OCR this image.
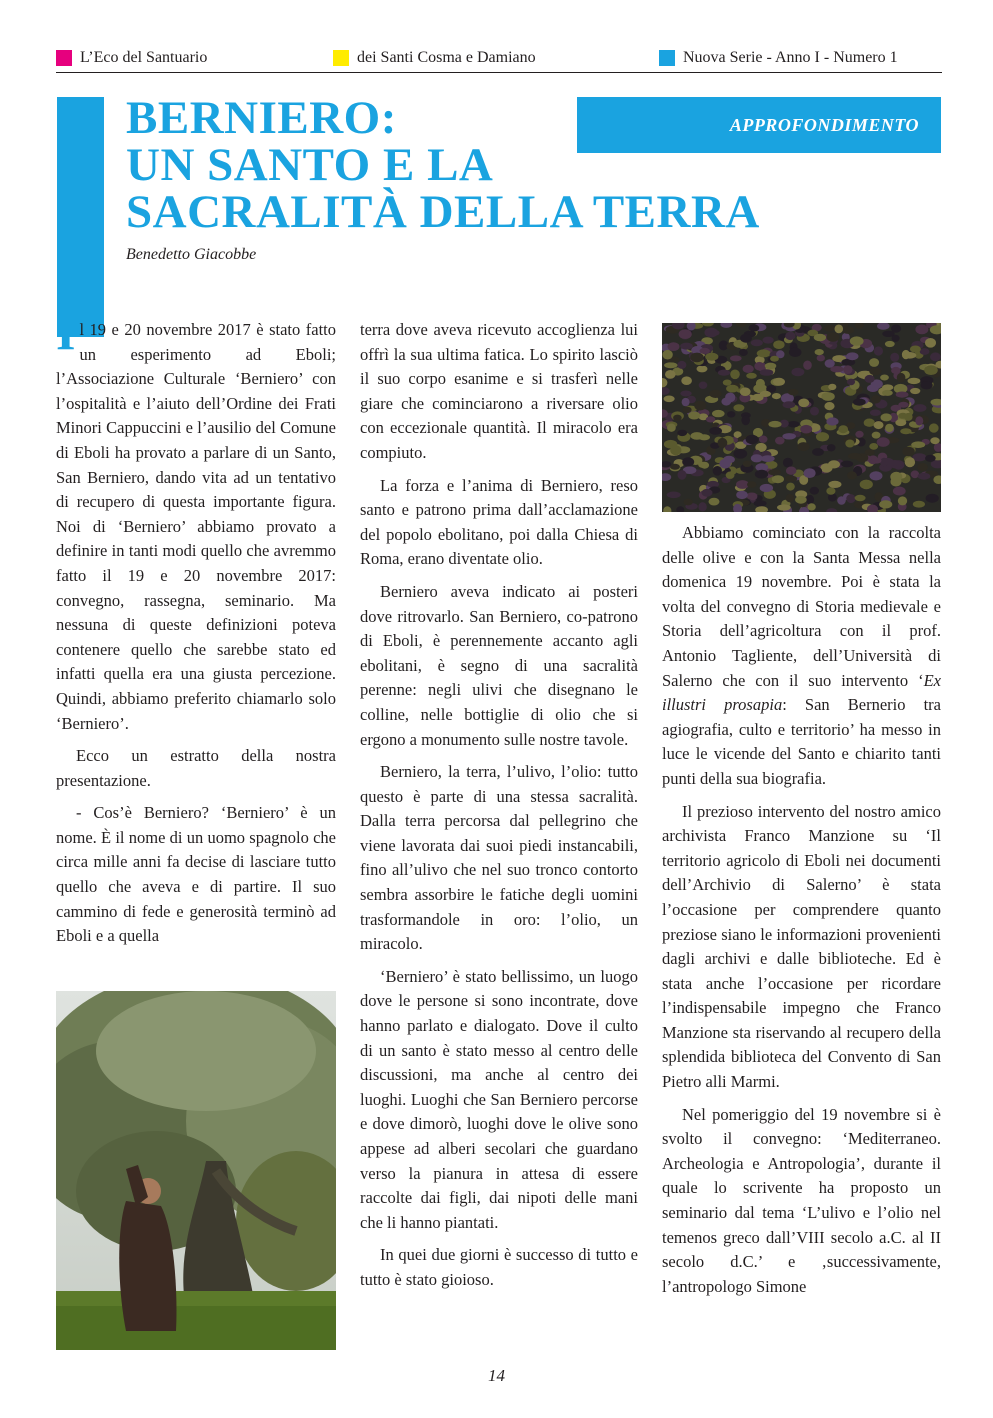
L’Eco del Santuario	dei Santi Cosma e Damiano	Nuova Serie - Anno I - Numero 1
APPROFONDIMENTO
BERNIERO:
UN SANTO E LA
SACRALITÀ DELLA TERRA
Benedetto Giacobbe

Il 19 e 20 novembre 2017 è stato fatto un esperimento ad Eboli; l’Associazione Culturale ‘Berniero’ con l’ospitalità e l’aiuto dell’Ordine dei Frati Minori Cappuccini e l’ausilio del Comune di Eboli ha provato a parlare di un Santo, San Berniero, dando vita ad un tentativo di recupero di questa importante figura. Noi di ‘Berniero’ abbiamo provato a definire in tanti modi quello che avremmo fatto il 19 e 20 novembre 2017: convegno, rassegna, seminario. Ma nessuna di queste definizioni poteva contenere quello che sarebbe stato ed infatti quella era una giusta percezione. Quindi, abbiamo preferito chiamarlo solo ‘Berniero’.

Ecco un estratto della nostra presentazione.

- Cos’è Berniero? ‘Berniero’ è un nome. È il nome di un uomo spagnolo che circa mille anni fa decise di lasciare tutto quello che aveva e di partire. Il suo cammino di fede e generosità terminò ad Eboli e a quella

terra dove aveva ricevuto accoglienza lui offrì la sua ultima fatica. Lo spirito lasciò il suo corpo esanime e si trasferì nelle giare che cominciarono a riversare olio con eccezionale quantità. Il miracolo era compiuto.

La forza e l’anima di Berniero, reso santo e patrono prima dall’acclamazione del popolo ebolitano, poi dalla Chiesa di Roma, erano diventate olio.

Berniero aveva indicato ai posteri dove ritrovarlo. San Berniero, co-patrono di Eboli, è perennemente accanto agli ebolitani, è segno di una sacralità perenne: negli ulivi che disegnano le colline, nelle bottiglie di olio che si ergono a monumento sulle nostre tavole.

Berniero, la terra, l’ulivo, l’olio: tutto questo è parte di una stessa sacralità. Dalla terra percorsa dal pellegrino che viene lavorata dai suoi piedi instancabili, fino all’ulivo che nel suo tronco contorto sembra assorbire le fatiche degli uomini trasformandole in oro: l’olio, un miracolo.

‘Berniero’ è stato bellissimo, un luogo dove le persone si sono incontrate, dove hanno parlato e dialogato. Dove il culto di un santo è stato messo al centro delle discussioni, ma anche al centro dei luoghi. Luoghi che San Berniero percorse e dove dimorò, luoghi dove le olive sono appese ad alberi secolari che guardano verso la pianura in attesa di essere raccolte dai figli, dai nipoti delle mani che li hanno piantati.

In quei due giorni è successo di tutto e tutto è stato gioioso.

Abbiamo cominciato con la raccolta delle olive e con la Santa Messa nella domenica 19 novembre. Poi è stata la volta del convegno di Storia medievale e Storia dell’agricoltura con il prof. Antonio Tagliente, dell’Università di Salerno che con il suo intervento ‘Ex illustri prosapia: San Bernerio tra agiografia, culto e territorio’ ha messo in luce le vicende del Santo e chiarito tanti punti della sua biografia.

Il prezioso intervento del nostro amico archivista Franco Manzione su ‘Il territorio agricolo di Eboli nei documenti dell’Archivio di Salerno’ è stata l’occasione per comprendere quanto preziose siano le informazioni provenienti dagli archivi e dalle biblioteche. Ed è stata anche l’occasione per ricordare l’indispensabile impegno che Franco Manzione sta riservando al recupero della splendida biblioteca del Convento di San Pietro alli Marmi.

Nel pomeriggio del 19 novembre si è svolto il convegno: ‘Mediterraneo. Archeologia e Antropologia’, durante il quale lo scrivente ha proposto un seminario dal tema ‘L’ulivo e l’olio nel temenos greco dall’VIII secolo a.C. al II secolo d.C.’ e ‚successivamente, l’antropologo Simone

14
